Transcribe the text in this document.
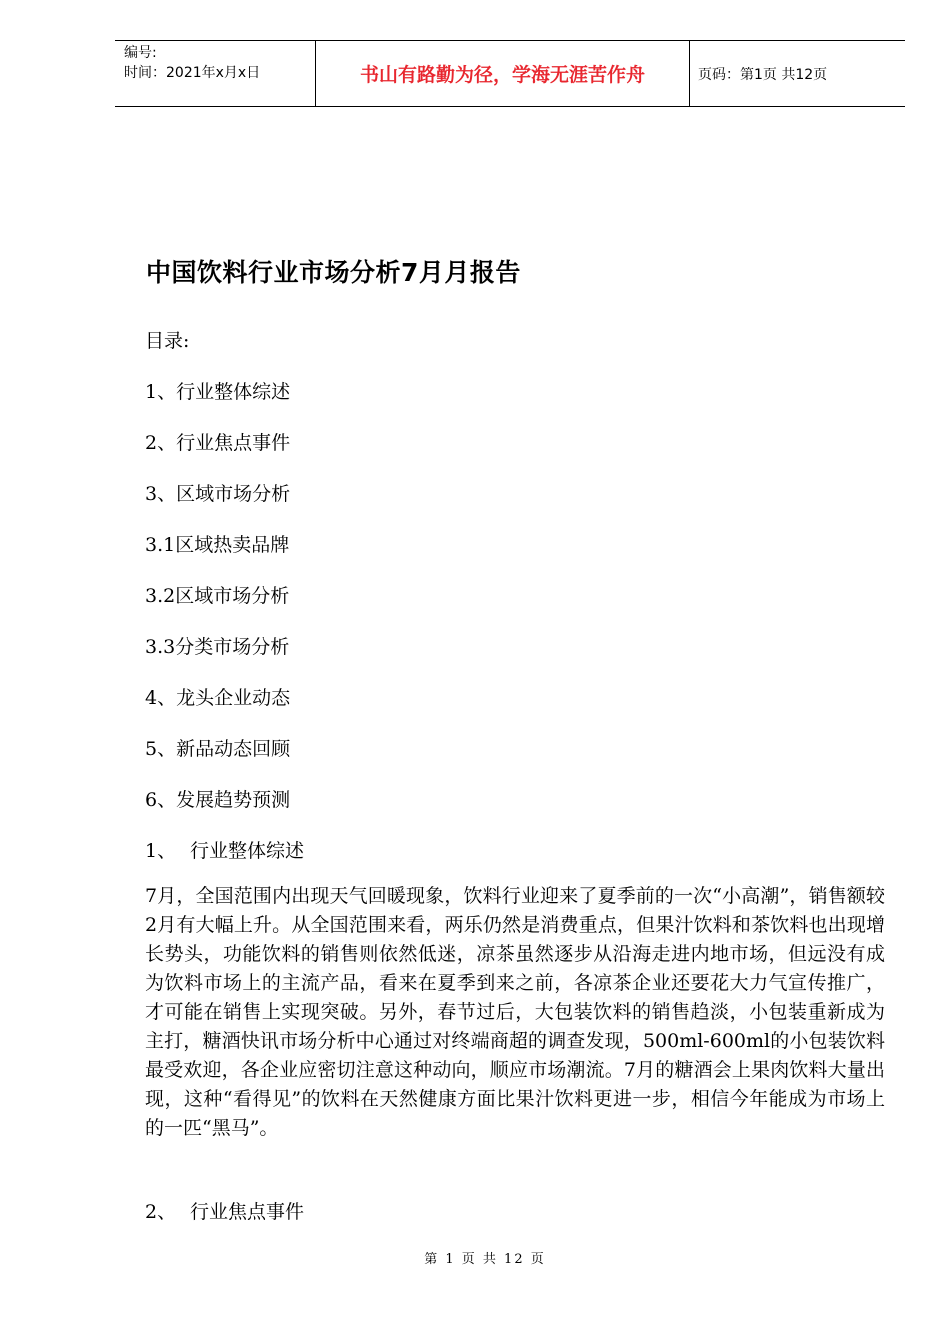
编号:
时间：2021年x月x日	书山有路勤为径，学海无涯苦作舟	页码：第1页 共12页
中国饮料行业市场分析7月月报告
目录:
1、行业整体综述
2、行业焦点事件
3、区域市场分析
3.1区域热卖品牌
3.2区域市场分析
3.3分类市场分析
4、龙头企业动态
5、新品动态回顾
6、发展趋势预测
1、 行业整体综述

7月，全国范围内出现天气回暖现象，饮料行业迎来了夏季前的一次“小高潮”，销售额较2月有大幅上升。从全国范围来看，两乐仍然是消费重点，但果汁饮料和茶饮料也出现增长势头，功能饮料的销售则依然低迷，凉茶虽然逐步从沿海走进内地市场，但远没有成为饮料市场上的主流产品，看来在夏季到来之前，各凉茶企业还要花大力气宣传推广，才可能在销售上实现突破。另外，春节过后，大包装饮料的销售趋淡，小包装重新成为主打，糖酒快讯市场分析中心通过对终端商超的调查发现，500ml-600ml的小包装饮料最受欢迎，各企业应密切注意这种动向，顺应市场潮流。7月的糖酒会上果肉饮料大量出现，这种“看得见”的饮料在天然健康方面比果汁饮料更进一步，相信今年能成为市场上的一匹“黑马”。

2、 行业焦点事件
第 1 页 共 12 页
